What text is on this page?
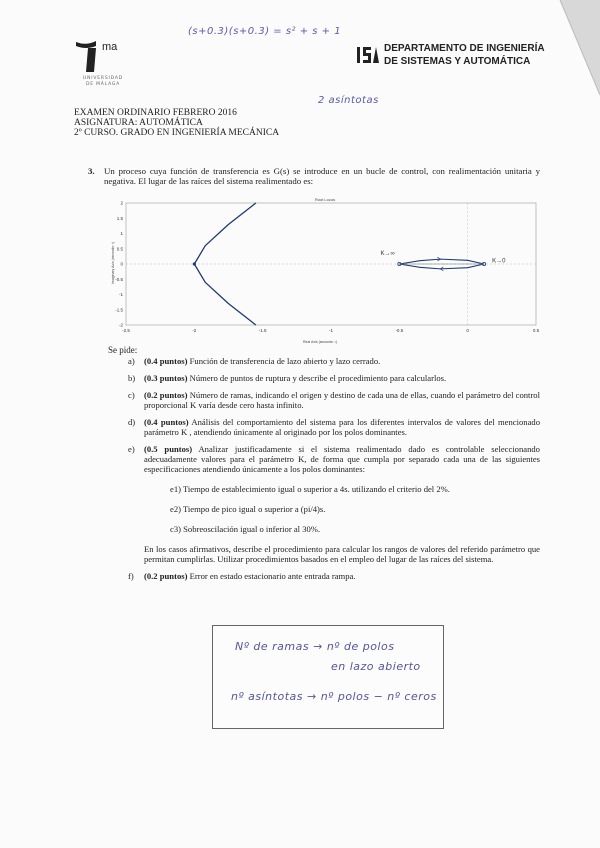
(s+0.3)(s+0.3) = s² + s + 1
2 asíntotas
ma
UNIVERSIDAD
DE MÁLAGA
DEPARTAMENTO DE INGENIERÍA
DE SISTEMAS Y AUTOMÁTICA
EXAMEN ORDINARIO FEBRERO 2016
ASIGNATURA: AUTOMÁTICA
2º CURSO. GRADO EN INGENIERÍA MECÁNICA
3. Un proceso cuya función de transferencia es G(s) se introduce en un bucle de control, con realimentación unitaria y negativa. El lugar de las raíces del sistema realimentado es:
Root Locus
-2.5	-2	-1.5	-1	-0.5	0	0.5
2
1.5
1
0.5
0
-0.5
-1
-1.5
-2
Real Axis (seconds⁻¹)
Imaginary Axis (seconds⁻¹)	K→∞
K→0
Se pide:
a) (0.4 puntos) Función de transferencia de lazo abierto y lazo cerrado.
b) (0.3 puntos) Número de puntos de ruptura y describe el procedimiento para calcularlos.
c) (0.2 puntos) Número de ramas, indicando el origen y destino de cada una de ellas, cuando el parámetro del control proporcional K varía desde cero hasta infinito.
d) (0.4 puntos) Análisis del comportamiento del sistema para los diferentes intervalos de valores del mencionado parámetro K , atendiendo únicamente al originado por los polos dominantes.
e) (0.5 puntos) Analizar justificadamente si el sistema realimentado dado es controlable seleccionando adecuadamente valores para el parámetro K, de forma que cumpla por separado cada una de las siguientes especificaciones atendiendo únicamente a los polos dominantes:
e1) Tiempo de establecimiento igual o superior a 4s. utilizando el criterio del 2%.
e2) Tiempo de pico igual o superior a (pi/4)s.
c3) Sobreoscilación igual o inferior al 30%.
En los casos afirmativos, describe el procedimiento para calcular los rangos de valores del referido parámetro que permitan cumplirlas. Utilizar procedimientos basados en el empleo del lugar de las raíces del sistema.
f) (0.2 puntos) Error en estado estacionario ante entrada rampa.
Nº de ramas → nº de polos
en lazo abierto
nº asíntotas → nº polos − nº ceros
